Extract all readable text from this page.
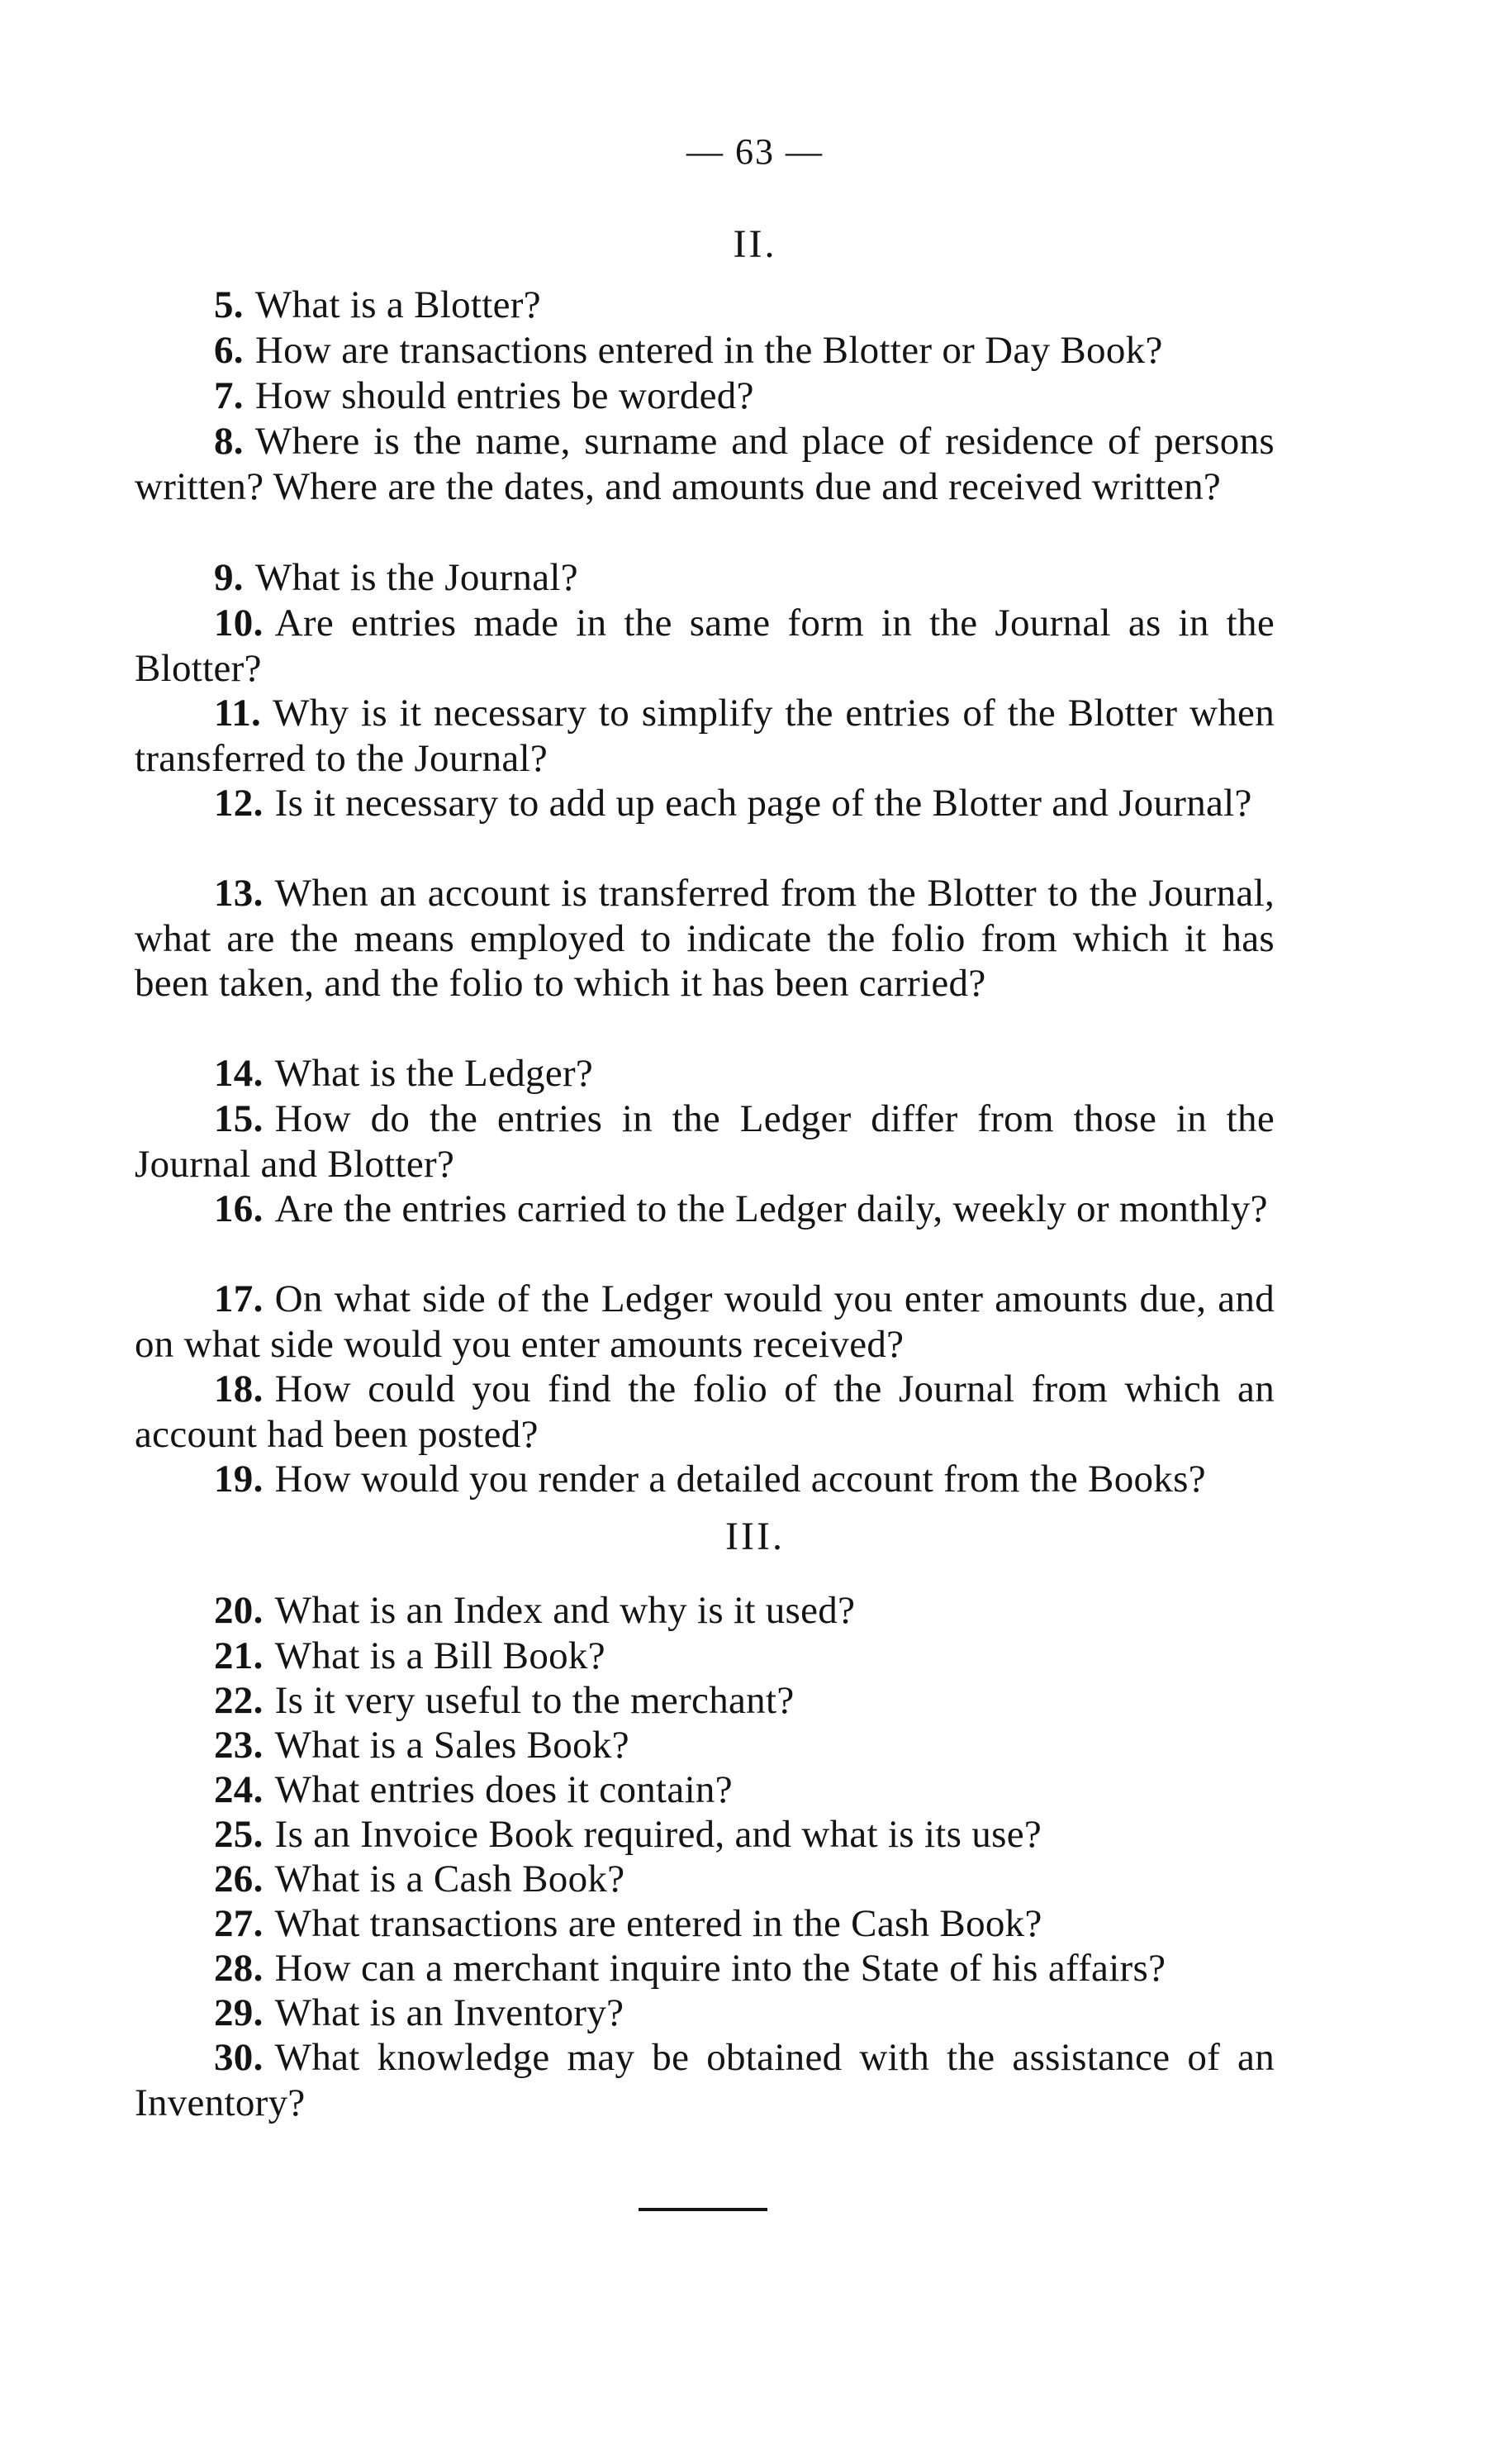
— 63 —
II.
5. What is a Blotter?
6. How are transactions entered in the Blotter or Day Book?
7. How should entries be worded?
8. Where is the name, surname and place of residence of persons written? Where are the dates, and amounts due and received written?
9. What is the Journal?
10. Are entries made in the same form in the Journal as in the Blotter?
11. Why is it necessary to simplify the entries of the Blotter when transferred to the Journal?
12. Is it necessary to add up each page of the Blotter and Journal?
13. When an account is transferred from the Blotter to the Journal, what are the means employed to indicate the folio from which it has been taken, and the folio to which it has been carried?
14. What is the Ledger?
15. How do the entries in the Ledger differ from those in the Journal and Blotter?
16. Are the entries carried to the Ledger daily, weekly or monthly?
17. On what side of the Ledger would you enter amounts due, and on what side would you enter amounts received?
18. How could you find the folio of the Journal from which an account had been posted?
19. How would you render a detailed account from the Books?
III.
20. What is an Index and why is it used?
21. What is a Bill Book?
22. Is it very useful to the merchant?
23. What is a Sales Book?
24. What entries does it contain?
25. Is an Invoice Book required, and what is its use?
26. What is a Cash Book?
27. What transactions are entered in the Cash Book?
28. How can a merchant inquire into the State of his affairs?
29. What is an Inventory?
30. What knowledge may be obtained with the assistance of an Inventory?
